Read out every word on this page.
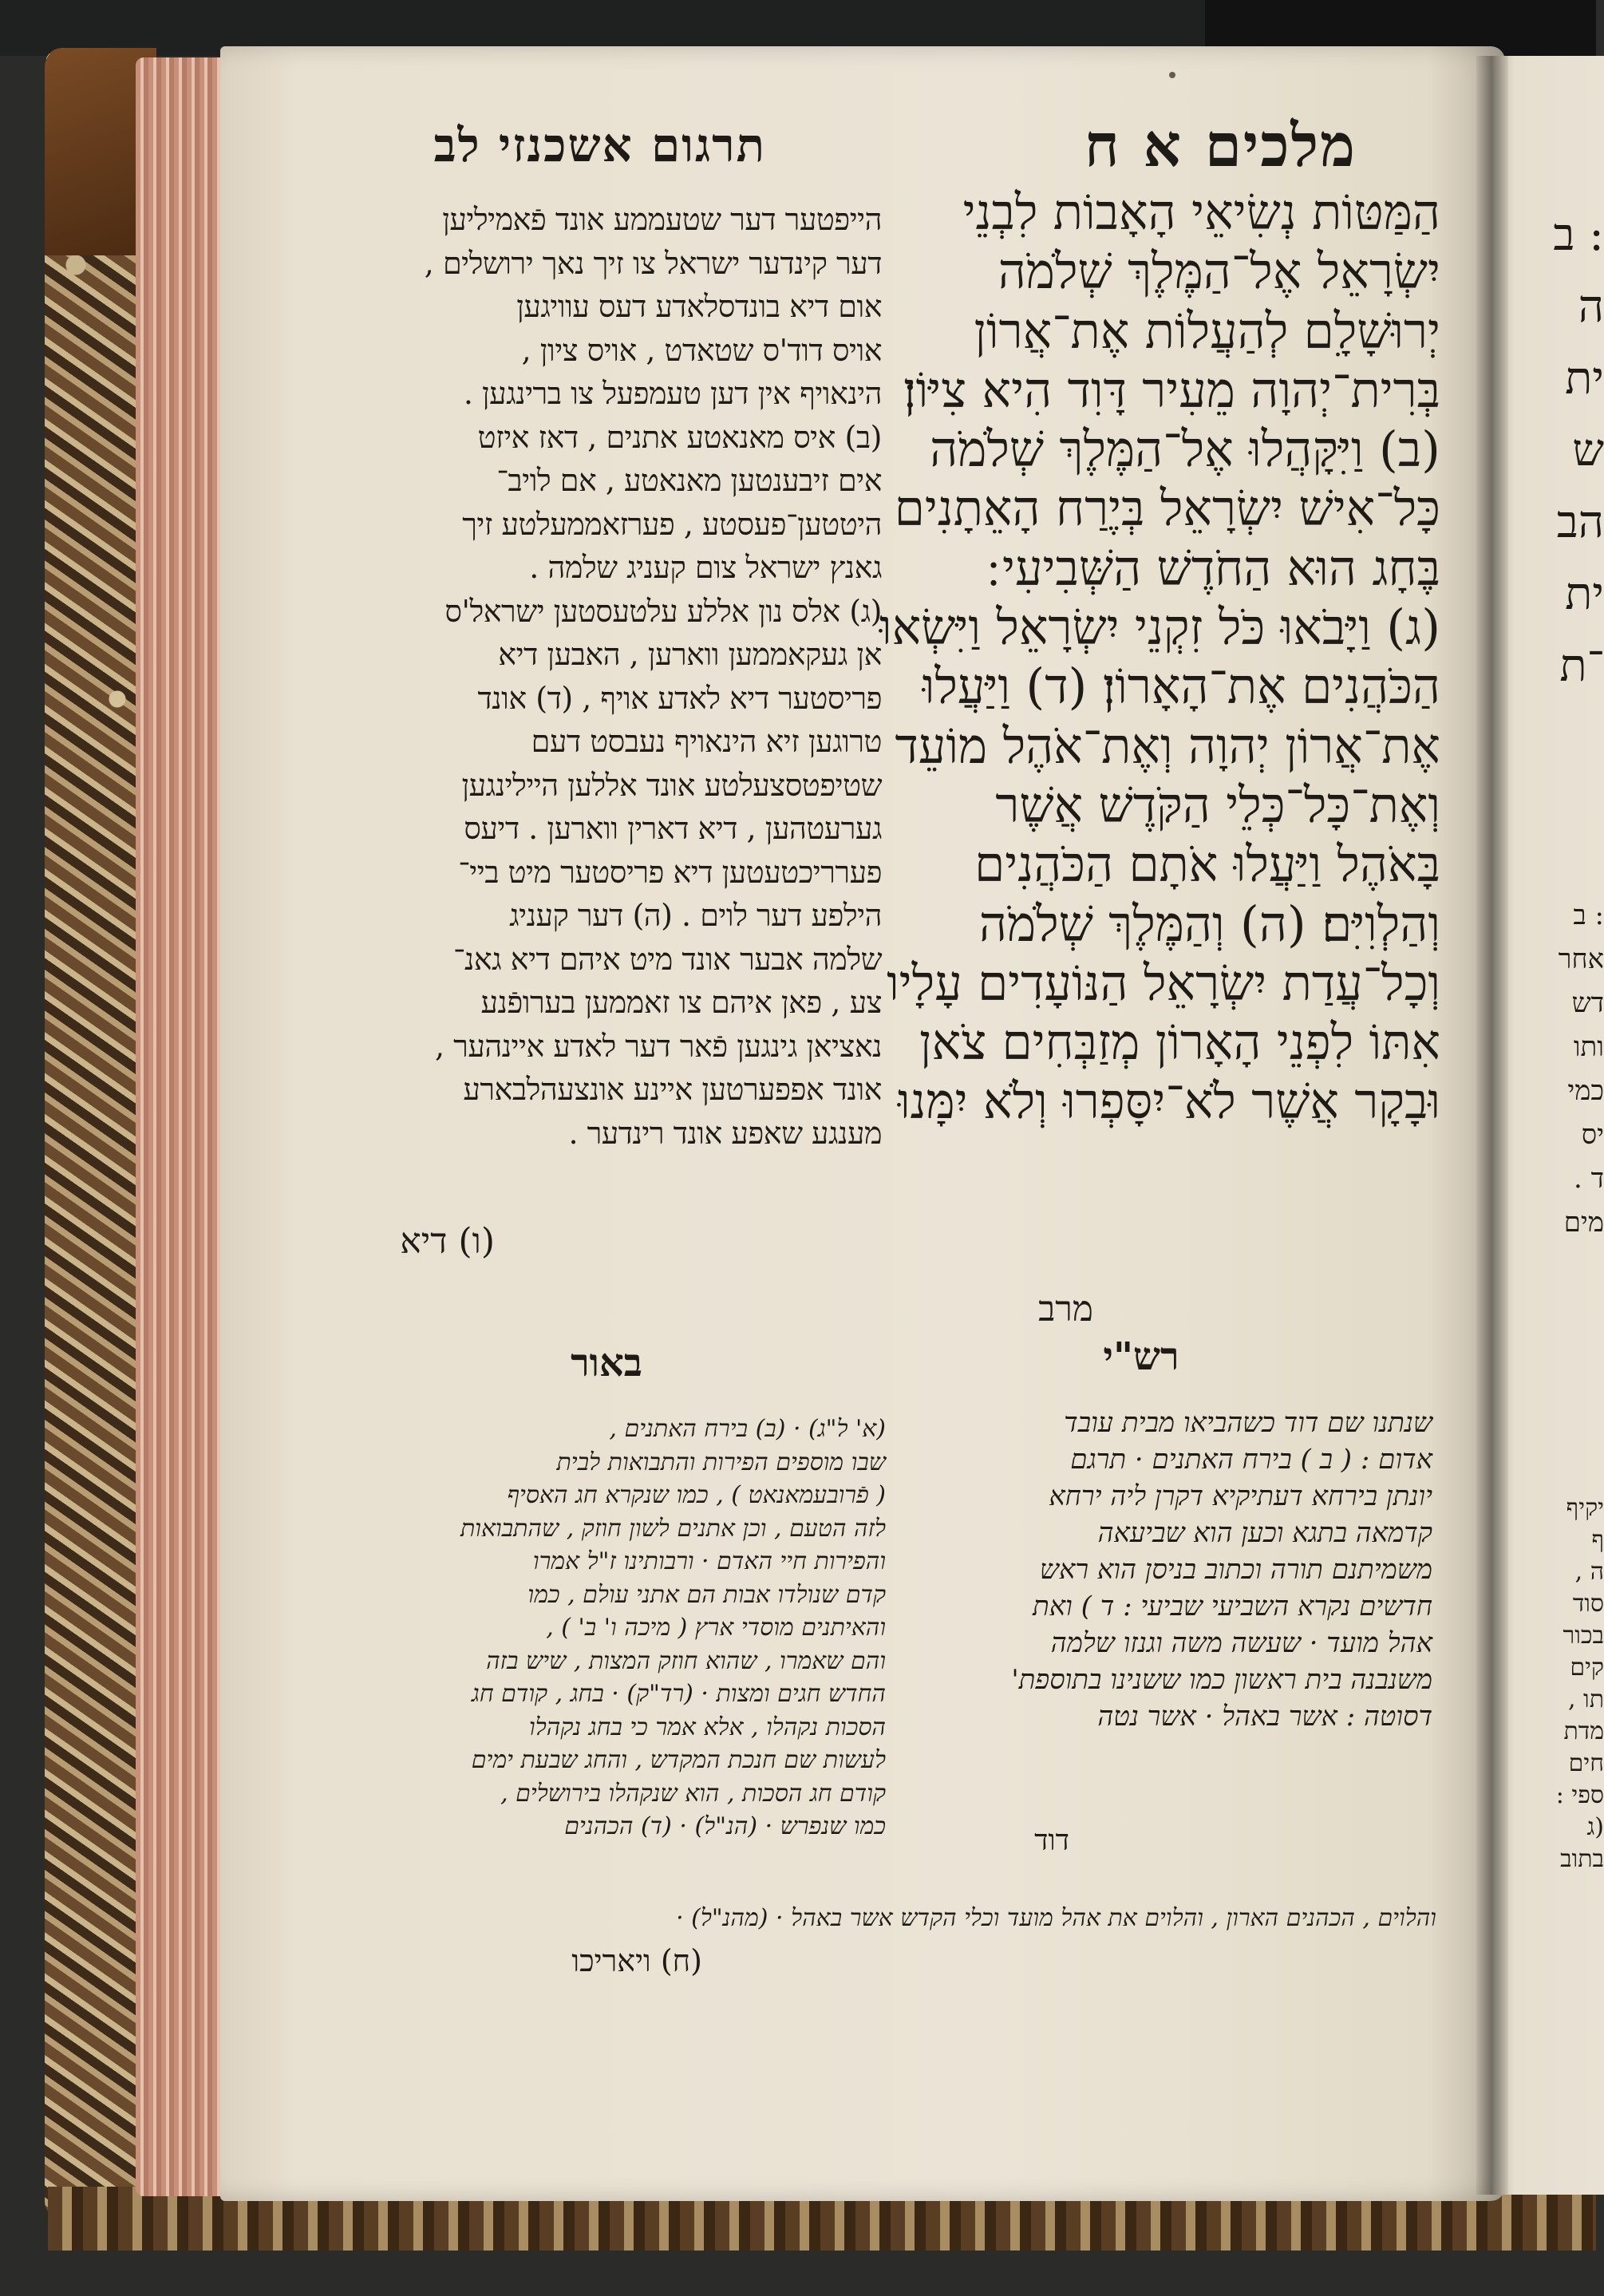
מלכים א ח
תרגום אשכנזי לב
הַמַּטּוֹת נְשִׂיאֵי הָאָבוֹת לִבְנֵי
יִשְׂרָאֵל אֶל־הַמֶּלֶךְ שְׁלֹמֹה
יְרוּשָׁלָ͏ִם לְהַעֲלוֹת אֶת־אֲרוֹן
בְּרִית־יְהוָה מֵעִיר דָּוִד הִיא צִיּוֹן׃
(ב) וַיִּקָּהֲלוּ אֶל־הַמֶּלֶךְ שְׁלֹמֹה
כָּל־אִישׁ יִשְׂרָאֵל בְּיֶרַח הָאֵתָנִים
בֶּחָג הוּא הַחֹדֶשׁ הַשְּׁבִיעִי ׃
(ג) וַיָּבֹאוּ כֹּל זִקְנֵי יִשְׂרָאֵל וַיִּשְׂאוּ
הַכֹּהֲנִים אֶת־הָאָרוֹן׃ (ד) וַיַּעֲלוּ
אֶת־אֲרוֹן יְהוָה וְאֶת־אֹהֶל מוֹעֵד
וְאֶת־כָּל־כְּלֵי הַקֹּדֶשׁ אֲשֶׁר
בָּאֹהֶל וַיַּעֲלוּ אֹתָם הַכֹּהֲנִים
וְהַלְוִיִּם׃ (ה) וְהַמֶּלֶךְ שְׁלֹמֹה
וְכָל־עֲדַת יִשְׂרָאֵל הַנּוֹעָדִים עָלָיו
אִתּוֹ לִפְנֵי הָאָרוֹן מְזַבְּחִים צֹאן
וּבָקָר אֲשֶׁר לֹא־יִסָּפְרוּ וְלֹא יִמָּנוּ
מרב
הייפטער דער שטעממע אונד פֿאמיליען
דער קינדער ישראל צו זיך נאך ירושלים ,
אום דיא בונדסלאדע דעס עוויגען
אויס דוד'ס שטאדט , אויס ציון ,
הינאויף אין דען טעמפעל צו ברינגען .
(ב) איס מאנאטע אתנים , דאז איזט
אים זיבענטען מאנאטע , אם לויב־
היטטען־פעסטע , פערזאממעלטע זיך
גאנץ ישראל צום קעניג שלמה .
(ג) אלס נון אללע עלטעסטען ישראל'ס
אן געקאממען ווארען , האבען דיא
פריסטער דיא לאדע אויף , (ד) אונד
טרוגען זיא הינאויף נעבסט דעם
שטיפטסצעלטע אונד אללען היילינגען
גערעטהען , דיא דארין ווארען . דיעס
פערריכטעטען דיא פריסטער מיט ביי־
הילפע דער לוים . (ה) דער קעניג
שלמה אבער אונד מיט איהם דיא גאנ־
צע , פאן איהם צו זאממען בערופֿנע
נאציאן גינגען פֿאר דער לאדע איינהער ,
אונד אפפערטען איינע אונצעהלבארע
מענגע שאפע אונד רינדער .
(ו) דיא
רש"י
שנתנו שם דוד כשהביאו מבית עובד
אדום : ( ב ) בירח האתנים · תרגם
יונתן בירחא דעתיקיא דקרן ליה ירחא
קדמאה בתגא וכען הוא שביעאה
משמיתנם תורה וכתוב בניסן הוא ראש
חדשים נקרא השביעי שביעי : ד ) ואת
אהל מועד · שעשה משה וגנזו שלמה
משנבנה בית ראשון כמו ששנינו בתוספת'
דסוטה : אשר באהל · אשר נטה
דוד
באור
(א' ל"ג) · (ב) בירח האתנים ,
שבו מוספים הפירות והתבואות לבית
( פֿרובעמאנאט ) , כמו שנקרא חג האסיף
לזה הטעם , וכן אתנים לשון חוזק , שהתבואות
והפירות חיי האדם · ורבותינו ז"ל אמרו
קדם שנולדו אבות הם אתני עולם , כמו
והאיתנים מוסדי ארץ ( מיכה ו' ב' ) ,
והם שאמרו , שהוא חוזק המצות , שיש בזה
החדש חגים ומצות · (רד"ק) · בחג , קודם חג
הסכות נקהלו , אלא אמר כי בחג נקהלו
לעשות שם חנכת המקדש , והחג שבעת ימים
קודם חג הסכות , הוא שנקהלו בירושלים ,
כמו שנפרש · (הנ"ל) · (ד) הכהנים
והלוים , הכהנים הארון , והלוים את אהל מועד וכלי הקדש אשר באהל · (מהנ"ל) ·
(ח) ויאריכו
: ב
ה
ית
ש
הב
ית
־ת
: ב
אחר
דש
ותו
כמי
יס
ד .
מים
יקיף
ף
ה ,
סוד
בכור
קים
תו ,
מדת
חים
ספי :
(ג
בתוב
